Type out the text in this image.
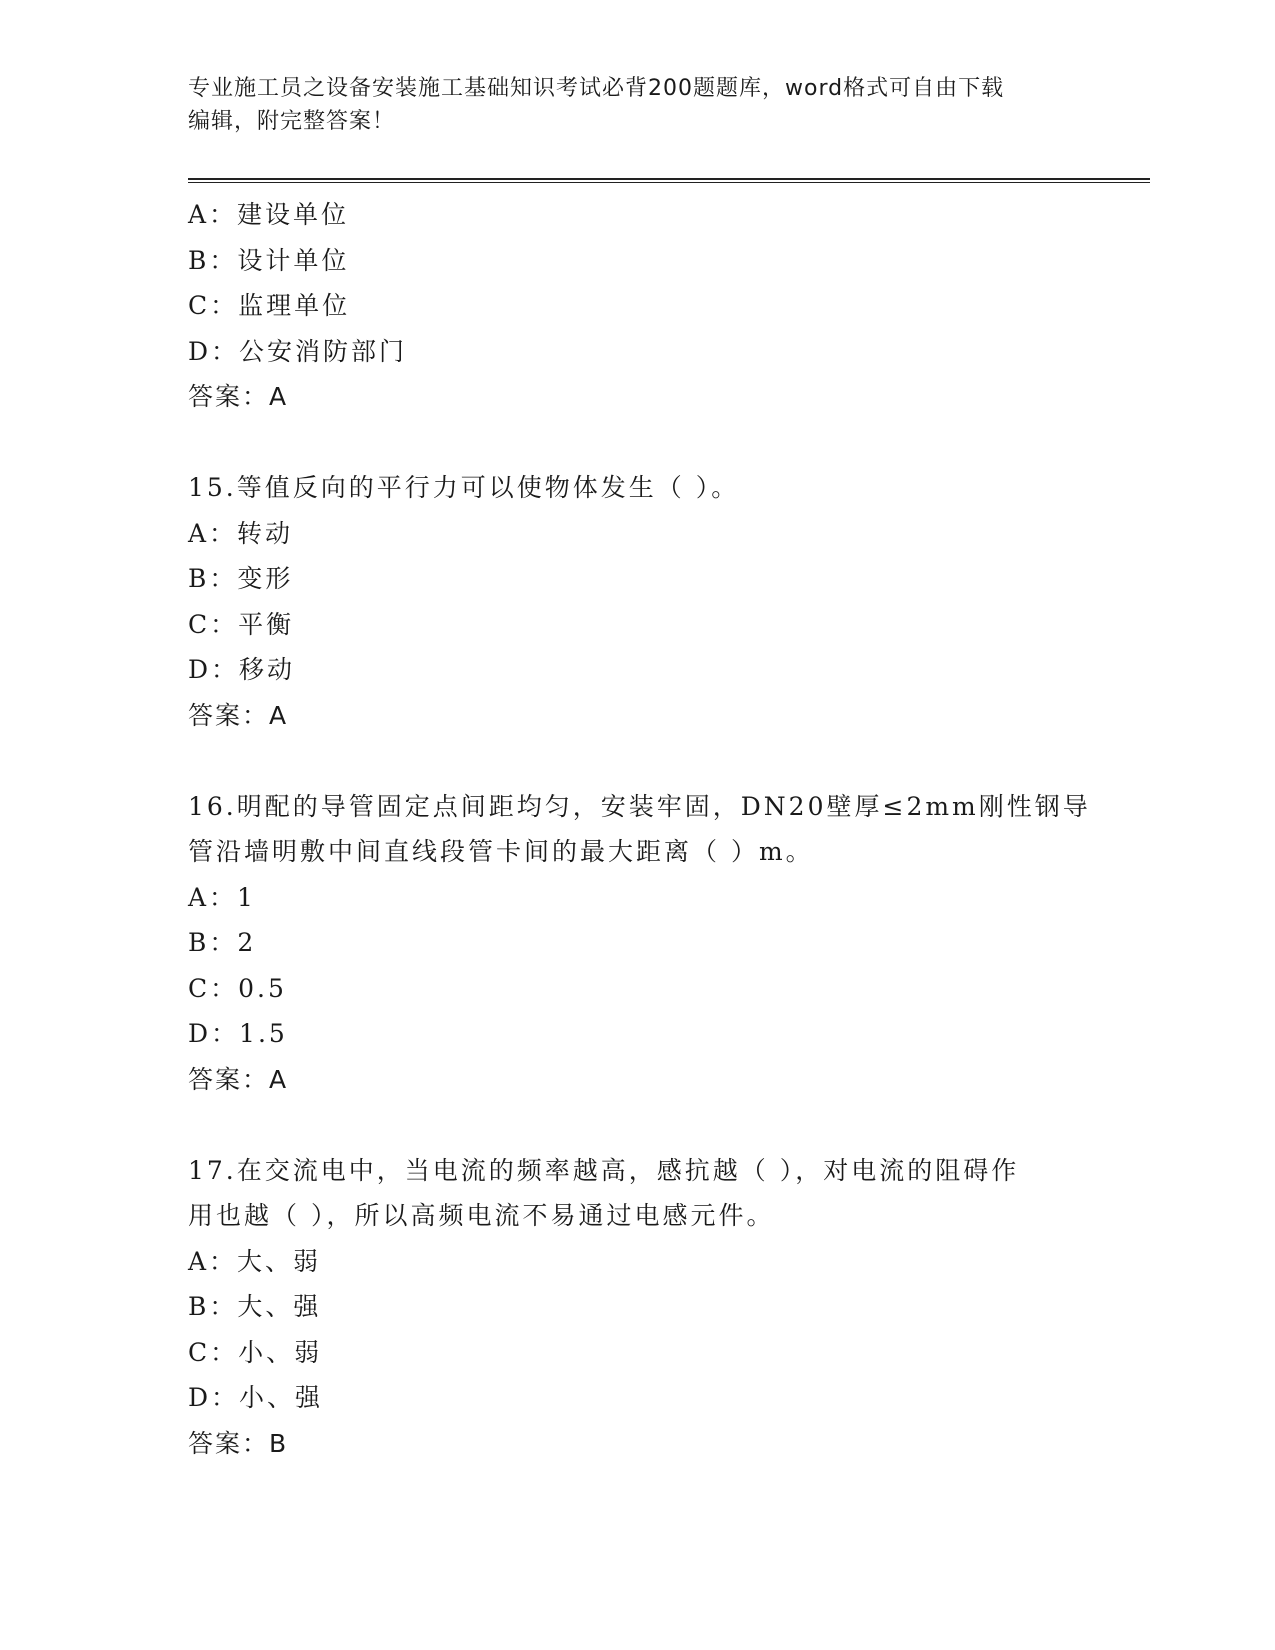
专业施工员之设备安装施工基础知识考试必背200题题库，word格式可自由下载
编辑，附完整答案！
A：建设单位
B：设计单位
C：监理单位
D：公安消防部门
答案：A
15.等值反向的平行力可以使物体发生（ ）。
A：转动
B：变形
C：平衡
D：移动
答案：A
16.明配的导管固定点间距均匀，安装牢固，DN20壁厚≤2mm刚性钢导
管沿墙明敷中间直线段管卡间的最大距离（ ）m。
A：1
B：2
C：0.5
D：1.5
答案：A
17.在交流电中，当电流的频率越高，感抗越（ ），对电流的阻碍作
用也越（ ），所以高频电流不易通过电感元件。
A：大、弱
B：大、强
C：小、弱
D：小、强
答案：B
